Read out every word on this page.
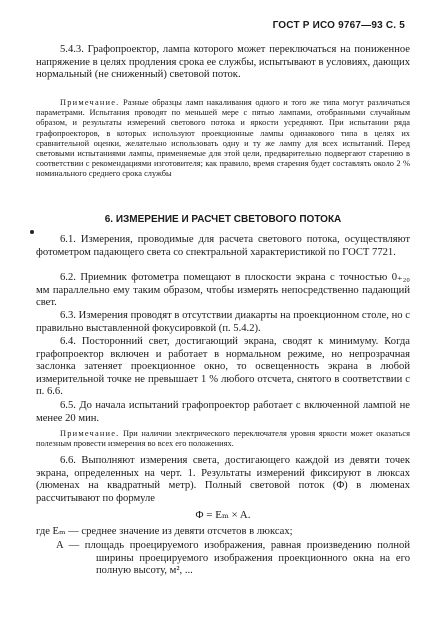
ГОСТ Р ИСО 9767—93 С. 5

5.4.3. Графопроектор, лампа которого может переключаться на пониженное напряжение в целях продления срока ее службы, испытывают в условиях, дающих нормальный (не сниженный) световой поток.

Примечание. Разные образцы ламп накаливания одного и того же типа могут различаться параметрами. Испытания проводят по меньшей мере с пятью лампами, отобранными случайным образом, и результаты измерений светового потока и яркости усредняют. При испытании ряда графопроекторов, в которых используют проекционные лампы одинакового типа в целях их сравнительной оценки, желательно использовать одну и ту же лампу для всех испытаний. Перед световыми испытаниями лампы, применяемые для этой цели, предварительно подвергают старению в соответствии с рекомендациями изготовителя; как правило, время старения будет составлять около 2 % номинального среднего срока службы

6. ИЗМЕРЕНИЕ И РАСЧЕТ СВЕТОВОГО ПОТОКА

6.1. Измерения, проводимые для расчета светового потока, осуществляют фотометром падающего света со спектральной характеристикой по ГОСТ 7721.

6.2. Приемник фотометра помещают в плоскости экрана с точностью 0₊₂₀ мм параллельно ему таким образом, чтобы измерять непосредственно падающий свет.

6.3. Измерения проводят в отсутствии диакарты на проекционном столе, но с правильно выставленной фокусировкой (п. 5.4.2).

6.4. Посторонний свет, достигающий экрана, сводят к минимуму. Когда графопроектор включен и работает в нормальном режиме, но непрозрачная заслонка затеняет проекционное окно, то освещенность экрана в любой измерительной точке не превышает 1 % любого отсчета, снятого в соответствии с п. 6.6.

6.5. До начала испытаний графопроектор работает с включенной лампой не менее 20 мин.

Примечание. При наличии электрического переключателя уровня яркости может оказаться полезным провести измерения во всех его положениях.

6.6. Выполняют измерения света, достигающего каждой из девяти точек экрана, определенных на черт. 1. Результаты измерений фиксируют в люксах (люменах на квадратный метр). Полный световой поток (Φ) в люменах рассчитывают по формуле

Φ = Eₘ × A.

где Eₘ — среднее значение из девяти отсчетов в люксах;

A — площадь проецируемого изображения, равная произведению полной ширины проецируемого изображения проекционного окна на его полную высоту, м², ...
